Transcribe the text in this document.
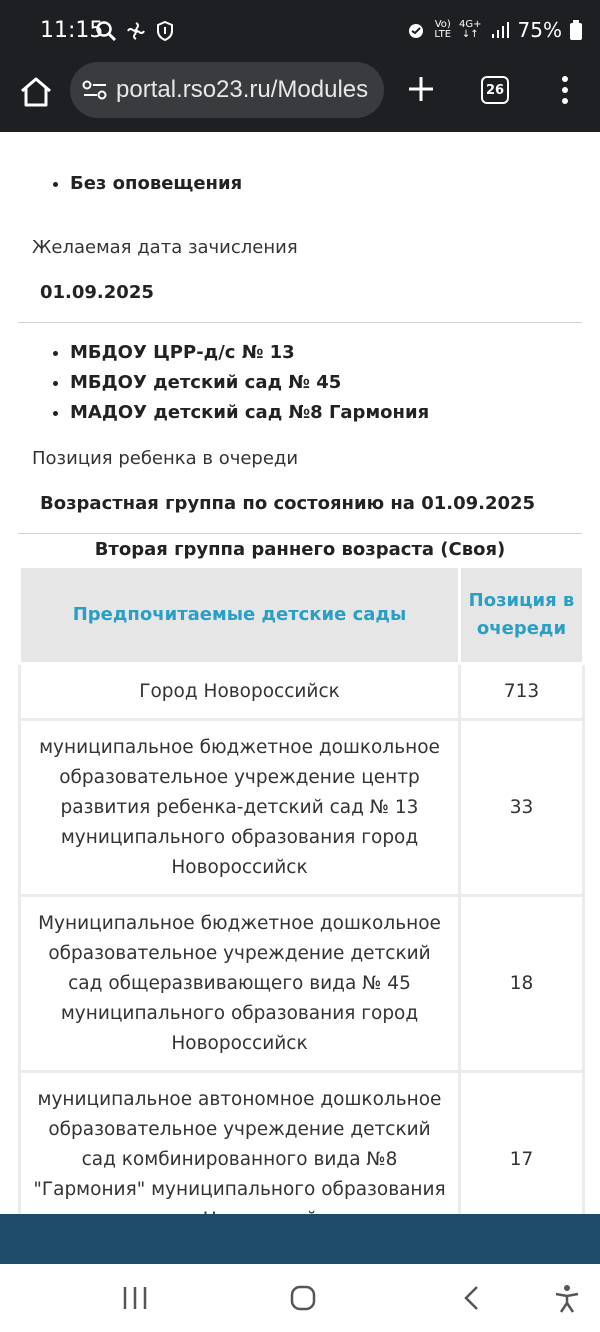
11:15	Vo)
LTE
4G+
↓↑ 75%
portal.rso23.ru/Modules	26
• Без оповещения
Желаемая дата зачисления
01.09.2025
• МБДОУ ЦРР-д/с № 13
• МБДОУ детский сад № 45
• МАДОУ детский сад №8 Гармония
Позиция ребенка в очереди
Возрастная группа по состоянию на 01.09.2025
Вторая группа раннего возраста (Своя)
Предпочитаемые детские сады	Позиция в очереди
Город Новороссийск	713
муниципальное бюджетное дошкольное образовательное учреждение центр развития ребенка-детский сад № 13 муниципального образования город Новороссийск	33
Муниципальное бюджетное дошкольное образовательное учреждение детский сад общеразвивающего вида № 45 муниципального образования город Новороссийск	18
муниципальное автономное дошкольное образовательное учреждение детский сад комбинированного вида №8 "Гармония" муниципального образования	17
